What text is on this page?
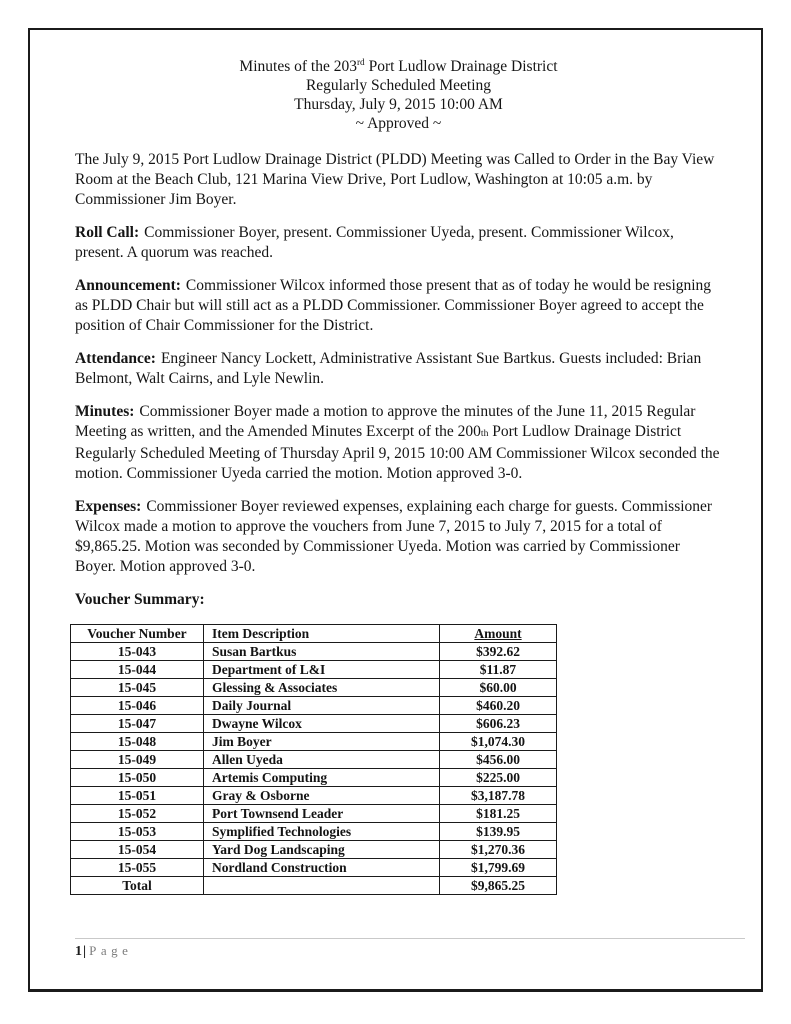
Minutes of the 203rd Port Ludlow Drainage District
Regularly Scheduled Meeting
Thursday, July 9, 2015 10:00 AM
~ Approved ~

The July 9, 2015 Port Ludlow Drainage District (PLDD) Meeting was Called to Order in the Bay View Room at the Beach Club, 121 Marina View Drive, Port Ludlow, Washington at 10:05 a.m. by Commissioner Jim Boyer.

Roll Call: Commissioner Boyer, present. Commissioner Uyeda, present. Commissioner Wilcox, present. A quorum was reached.

Announcement: Commissioner Wilcox informed those present that as of today he would be resigning as PLDD Chair but will still act as a PLDD Commissioner. Commissioner Boyer agreed to accept the position of Chair Commissioner for the District.

Attendance: Engineer Nancy Lockett, Administrative Assistant Sue Bartkus. Guests included: Brian Belmont, Walt Cairns, and Lyle Newlin.

Minutes: Commissioner Boyer made a motion to approve the minutes of the June 11, 2015 Regular Meeting as written, and the Amended Minutes Excerpt of the 200th Port Ludlow Drainage District Regularly Scheduled Meeting of Thursday April 9, 2015 10:00 AM Commissioner Wilcox seconded the motion. Commissioner Uyeda carried the motion. Motion approved 3-0.

Expenses: Commissioner Boyer reviewed expenses, explaining each charge for guests. Commissioner Wilcox made a motion to approve the vouchers from June 7, 2015 to July 7, 2015 for a total of $9,865.25. Motion was seconded by Commissioner Uyeda. Motion was carried by Commissioner Boyer. Motion approved 3-0.

Voucher Summary:

Voucher Number	Item Description	Amount
15-043	Susan Bartkus	$392.62
15-044	Department of L&I	$11.87
15-045	Glessing & Associates	$60.00
15-046	Daily Journal	$460.20
15-047	Dwayne Wilcox	$606.23
15-048	Jim Boyer	$1,074.30
15-049	Allen Uyeda	$456.00
15-050	Artemis Computing	$225.00
15-051	Gray & Osborne	$3,187.78
15-052	Port Townsend Leader	$181.25
15-053	Symplified Technologies	$139.95
15-054	Yard Dog Landscaping	$1,270.36
15-055	Nordland Construction	$1,799.69
Total		$9,865.25
1| Page
